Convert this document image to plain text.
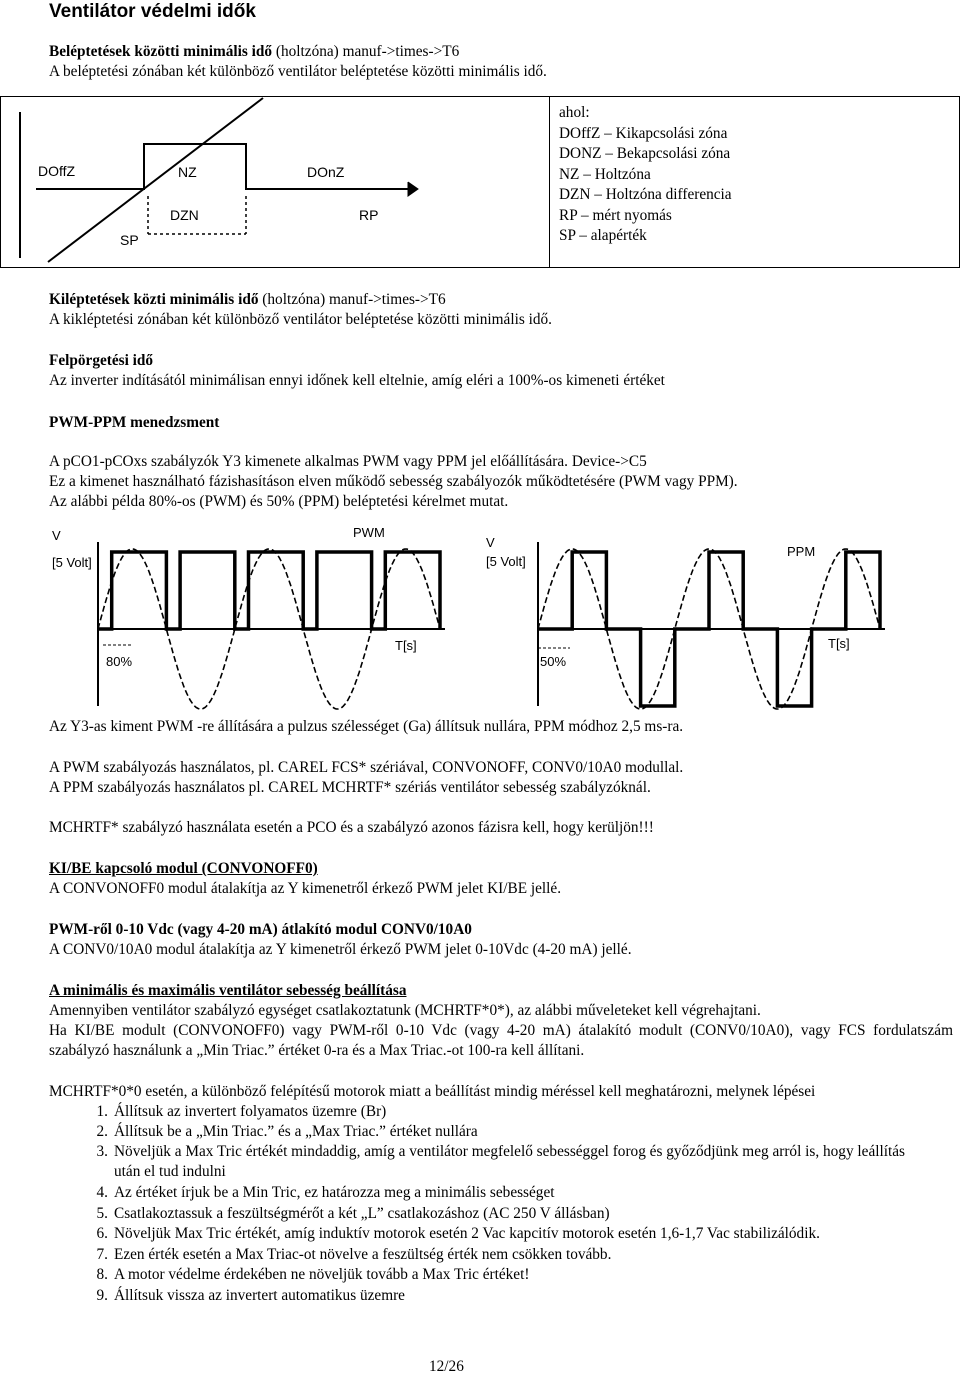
Ventilátor védelmi idők
Beléptetések közötti minimális idő (holtzóna) manuf->times->T6
A beléptetési zónában két különböző ventilátor beléptetése közötti minimális idő.
DOffZ	NZ	DOnZ
DZN
SP
RP
ahol:
DOffZ – Kikapcsolási zóna
DONZ – Bekapcsolási zóna
NZ – Holtzóna
DZN – Holtzóna differencia
RP – mért nyomás
SP – alapérték
Kiléptetések közti minimális idő (holtzóna) manuf->times->T6
A kikléptetési zónában két különböző ventilátor beléptetése közötti minimális idő.
Felpörgetési idő
Az inverter indításától minimálisan ennyi időnek kell eltelnie, amíg eléri a 100%-os kimeneti értéket
PWM-PPM menedzsment
A pCO1-pCOxs szabályzók Y3 kimenete alkalmas PWM vagy PPM jel előállítására. Device->C5
Ez a kimenet használható fázishasításon elven működő sebesség szabályozók működtetésére (PWM vagy PPM).
Az alábbi példa 80%-os (PWM) és 50% (PPM) beléptetési kérelmet mutat.
V
[5 Volt]
PWM
T[s]
80%
V
[5 Volt]
PPM
T[s]
50%
Az Y3-as kiment PWM -re állítására a pulzus szélességet (Ga) állítsuk nullára, PPM módhoz 2,5 ms-ra.
A PWM szabályozás használatos, pl. CAREL FCS* szériával, CONVONOFF, CONV0/10A0 modullal.
A PPM szabályozás használatos pl. CAREL MCHRTF* szériás ventilátor sebesség szabályzóknál.
MCHRTF* szabályzó használata esetén a PCO és a szabályzó azonos fázisra kell, hogy kerüljön!!!
KI/BE kapcsoló modul (CONVONOFF0)
A CONVONOFF0 modul átalakítja az Y kimenetről érkező PWM jelet KI/BE jellé.
PWM-ről 0-10 Vdc (vagy 4-20 mA) átlakító modul CONV0/10A0
A CONV0/10A0 modul átalakítja az Y kimenetről érkező PWM jelet 0-10Vdc (4-20 mA) jellé.
A minimális és maximális ventilátor sebesség beállítása
Amennyiben ventilátor szabályzó egységet csatlakoztatunk (MCHRTF*0*), az alábbi műveleteket kell végrehajtani.
Ha KI/BE modult (CONVONOFF0) vagy PWM-ről 0-10 Vdc (vagy 4-20 mA) átalakító modult (CONV0/10A0), vagy FCS fordulatszám szabályzó használunk a „Min Triac.” értéket 0-ra és a Max Triac.-ot 100-ra kell állítani.
MCHRTF*0*0 esetén, a különböző felépítésű motorok miatt a beállítást mindig méréssel kell meghatározni, melynek lépései
1. Állítsuk az invertert folyamatos üzemre (Br)
2. Állítsuk be a „Min Triac.” és a „Max Triac.” értéket nullára
3. Növeljük a Max Tric értékét mindaddig, amíg a ventilátor megfelelő sebességgel forog és győződjünk meg arról is, hogy leállítás után el tud indulni
4. Az értéket írjuk be a Min Tric, ez határozza meg a minimális sebességet
5. Csatlakoztassuk a feszültségmérőt a két „L” csatlakozáshoz (AC 250 V állásban)
6. Növeljük Max Tric értékét, amíg induktív motorok esetén 2 Vac kapcitív motorok esetén 1,6-1,7 Vac stabilizálódik.
7. Ezen érték esetén a Max Triac-ot növelve a feszültség érték nem csökken tovább.
8. A motor védelme érdekében ne növeljük tovább a Max Tric értéket!
9. Állítsuk vissza az invertert automatikus üzemre
12/26
